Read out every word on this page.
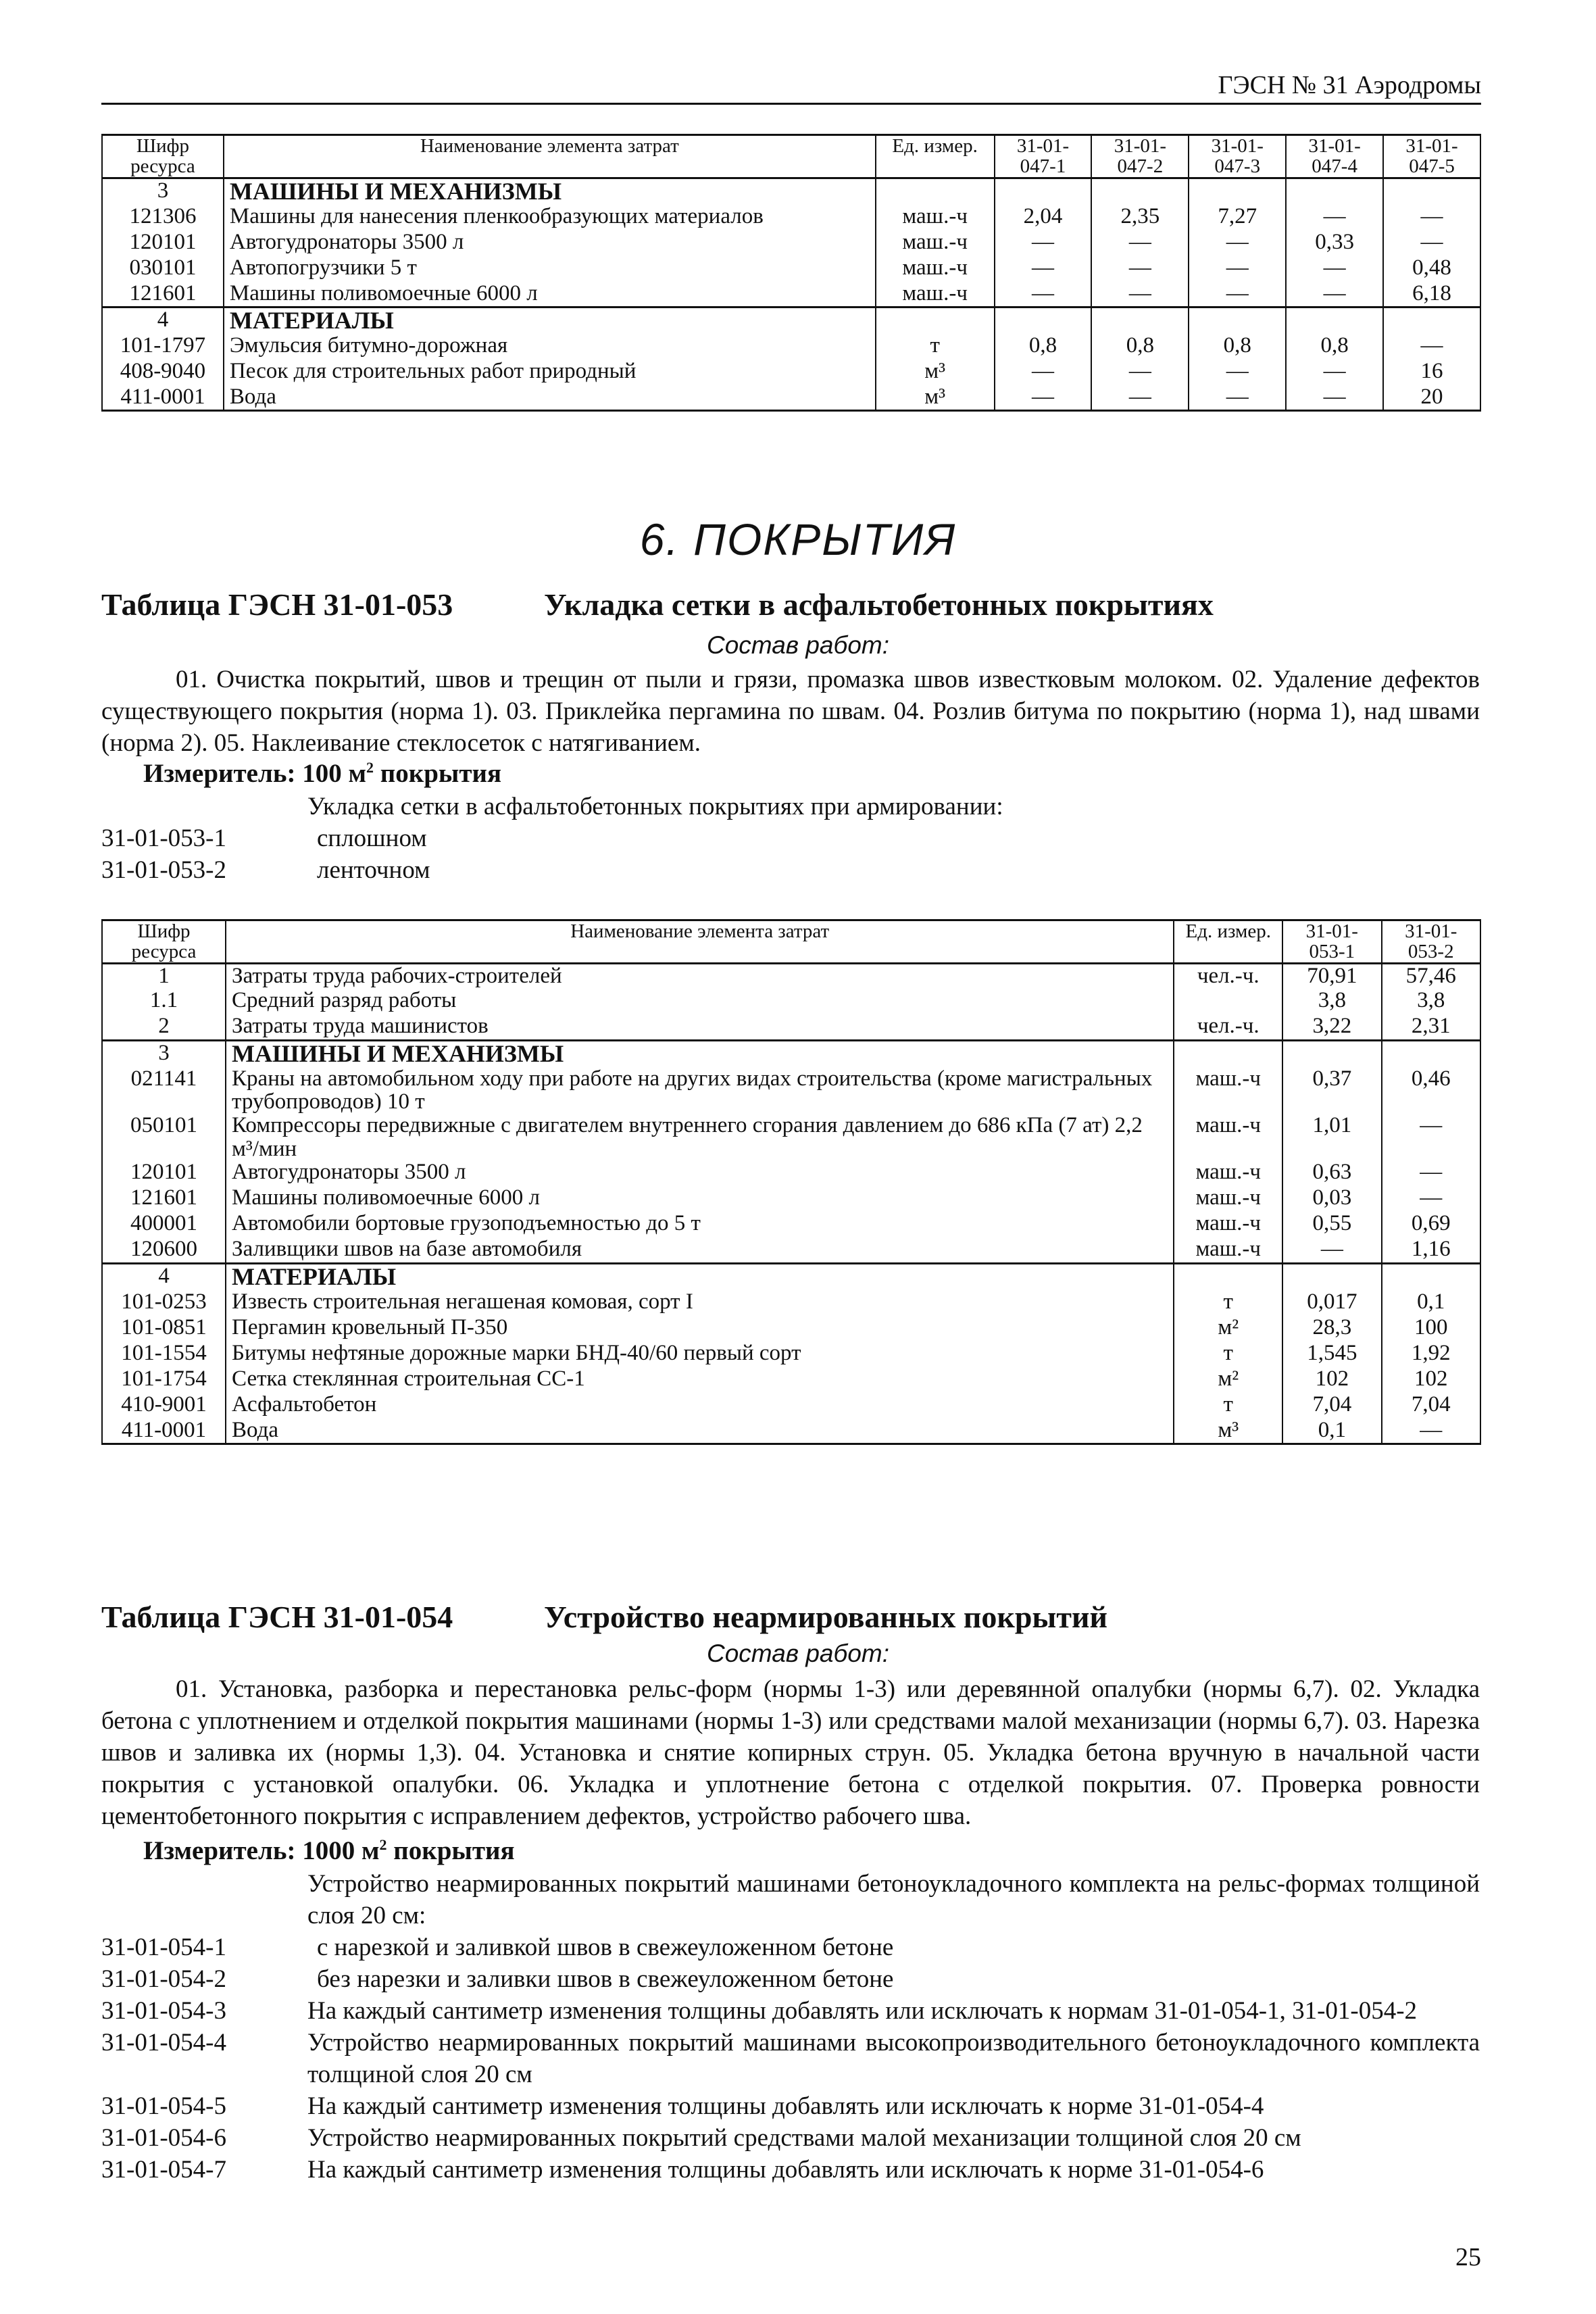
ГЭСН № 31 Аэродромы
Шифр ресурса	Наименование элемента затрат	Ед. измер.	31-01-047-1	31-01-047-2	31-01-047-3	31-01-047-4	31-01-047-5
3	МАШИНЫ И МЕХАНИЗМЫ						
121306	Машины для нанесения пленкообразующих материалов	маш.-ч	2,04	2,35	7,27	—	—
120101	Автогудронаторы 3500 л	маш.-ч	—	—	—	0,33	—
030101	Автопогрузчики 5 т	маш.-ч	—	—	—	—	0,48
121601	Машины поливомоечные 6000 л	маш.-ч	—	—	—	—	6,18
4	МАТЕРИАЛЫ						
101-1797	Эмульсия битумно-дорожная	т	0,8	0,8	0,8	0,8	—
408-9040	Песок для строительных работ природный	м³	—	—	—	—	16
411-0001	Вода	м³	—	—	—	—	20
6. ПОКРЫТИЯ
Таблица ГЭСН 31-01-053	Укладка сетки в асфальтобетонных покрытиях
Состав работ:
01. Очистка покрытий, швов и трещин от пыли и грязи, промазка швов известковым молоком. 02. Удаление дефектов существующего покрытия (норма 1). 03. Приклейка пергамина по швам. 04. Розлив битума по покрытию (норма 1), над швами (норма 2). 05. Наклеивание стеклосеток с натягиванием.
Измеритель: 100 $м^2$ покрытия
Укладка сетки в асфальтобетонных покрытиях при армировании:
31-01-053-1	сплошном
31-01-053-2	ленточном
Шифр ресурса	Наименование элемента затрат	Ед. измер.	31-01-053-1	31-01-053-2
1	Затраты труда рабочих-строителей	чел.-ч.	70,91	57,46
1.1	Средний разряд работы		3,8	3,8
2	Затраты труда машинистов	чел.-ч.	3,22	2,31
3	МАШИНЫ И МЕХАНИЗМЫ			
021141	Краны на автомобильном ходу при работе на других видах строительства (кроме магистральных трубопроводов) 10 т	маш.-ч	0,37	0,46
050101	Компрессоры передвижные с двигателем внутреннего сгорания давлением до 686 кПа (7 ат) 2,2 м³/мин	маш.-ч	1,01	—
120101	Автогудронаторы 3500 л	маш.-ч	0,63	—
121601	Машины поливомоечные 6000 л	маш.-ч	0,03	—
400001	Автомобили бортовые грузоподъемностью до 5 т	маш.-ч	0,55	0,69
120600	Заливщики швов на базе автомобиля	маш.-ч	—	1,16
4	МАТЕРИАЛЫ			
101-0253	Известь строительная негашеная комовая, сорт I	т	0,017	0,1
101-0851	Пергамин кровельный П-350	м²	28,3	100
101-1554	Битумы нефтяные дорожные марки БНД-40/60 первый сорт	т	1,545	1,92
101-1754	Сетка стеклянная строительная СС-1	м²	102	102
410-9001	Асфальтобетон	т	7,04	7,04
411-0001	Вода	м³	0,1	—
Таблица ГЭСН 31-01-054	Устройство неармированных покрытий
Состав работ:
01. Установка, разборка и перестановка рельс-форм (нормы 1-3) или деревянной опалубки (нормы 6,7). 02. Укладка бетона с уплотнением и отделкой покрытия машинами (нормы 1-3) или средствами малой механизации (нормы 6,7). 03. Нарезка швов и заливка их (нормы 1,3). 04. Установка и снятие копирных струн. 05. Укладка бетона вручную в начальной части покрытия с установкой опалубки. 06. Укладка и уплотнение бетона с отделкой покрытия. 07. Проверка ровности цементобетонного покрытия с исправлением дефектов, устройство рабочего шва.
Измеритель: 1000 $м^2$ покрытия
Устройство неармированных покрытий машинами бетоноукладочного комплекта на рельс-формах толщиной слоя 20 см:
31-01-054-1	с нарезкой и заливкой швов в свежеуложенном бетоне
31-01-054-2	без нарезки и заливки швов в свежеуложенном бетоне
31-01-054-3	На каждый сантиметр изменения толщины добавлять или исключать к нормам 31-01-054-1, 31-01-054-2
31-01-054-4	Устройство неармированных покрытий машинами высокопроизводительного бетоноукладочного комплекта толщиной слоя 20 см
31-01-054-5	На каждый сантиметр изменения толщины добавлять или исключать к норме 31-01-054-4
31-01-054-6	Устройство неармированных покрытий средствами малой механизации толщиной слоя 20 см
31-01-054-7	На каждый сантиметр изменения толщины добавлять или исключать к норме 31-01-054-6
25
